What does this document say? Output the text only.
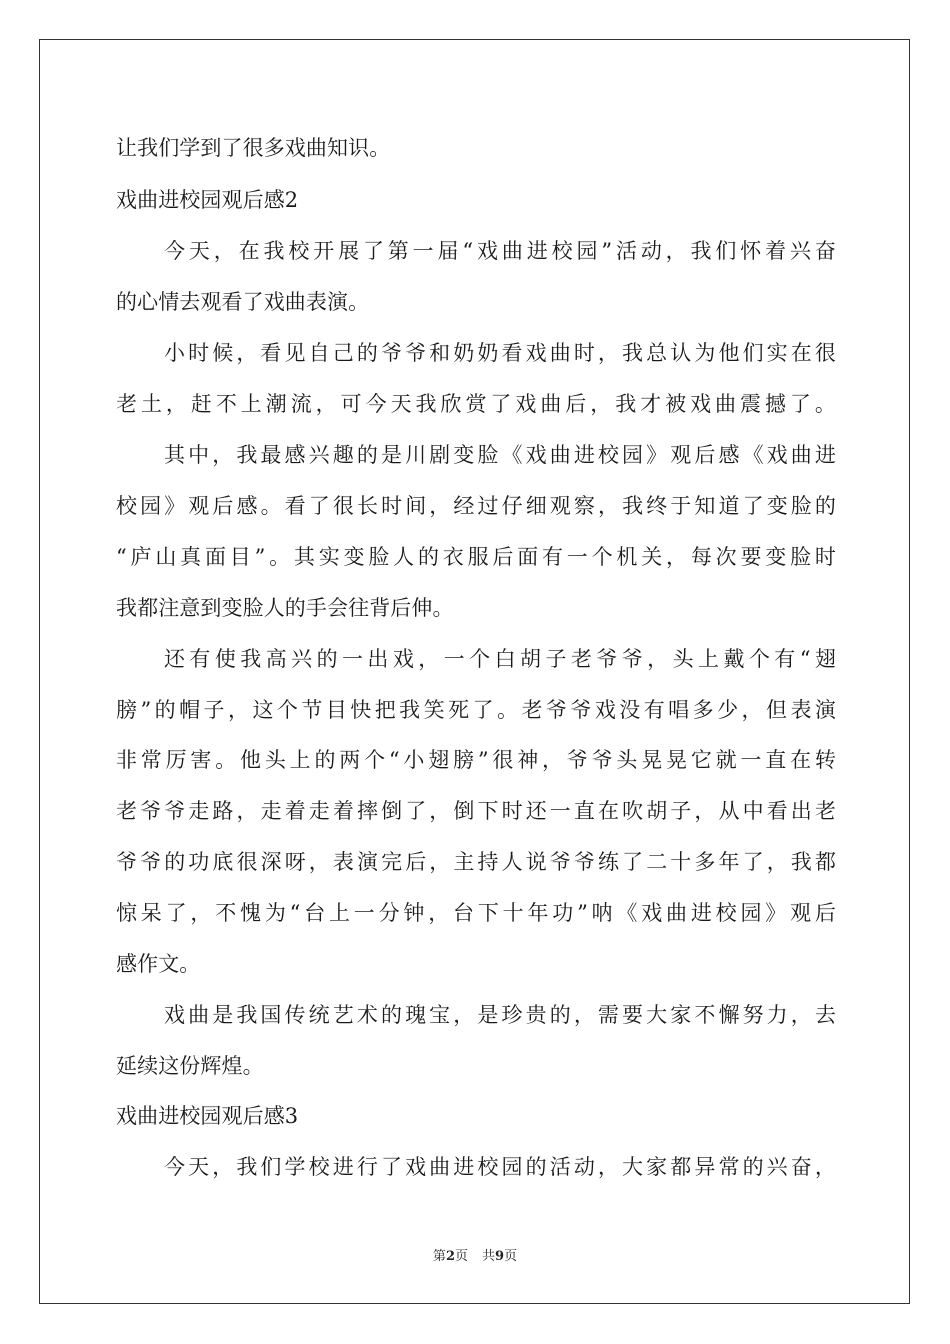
让我们学到了很多戏曲知识。
戏曲进校园观后感2
今天，在我校开展了第一届“戏曲进校园”活动，我们怀着兴奋
的心情去观看了戏曲表演。
小时候，看见自己的爷爷和奶奶看戏曲时，我总认为他们实在很
老土，赶不上潮流，可今天我欣赏了戏曲后，我才被戏曲震撼了。
其中，我最感兴趣的是川剧变脸《戏曲进校园》观后感《戏曲进
校园》观后感。看了很长时间，经过仔细观察，我终于知道了变脸的
“庐山真面目”。其实变脸人的衣服后面有一个机关，每次要变脸时
我都注意到变脸人的手会往背后伸。
还有使我高兴的一出戏，一个白胡子老爷爷，头上戴个有“翅
膀”的帽子，这个节目快把我笑死了。老爷爷戏没有唱多少，但表演
非常厉害。他头上的两个“小翅膀”很神，爷爷头晃晃它就一直在转
老爷爷走路，走着走着摔倒了，倒下时还一直在吹胡子，从中看出老
爷爷的功底很深呀，表演完后，主持人说爷爷练了二十多年了，我都
惊呆了，不愧为“台上一分钟，台下十年功”呐《戏曲进校园》观后
感作文。
戏曲是我国传统艺术的瑰宝，是珍贵的，需要大家不懈努力，去
延续这份辉煌。
戏曲进校园观后感3
今天，我们学校进行了戏曲进校园的活动，大家都异常的兴奋，
第2页 共9页
